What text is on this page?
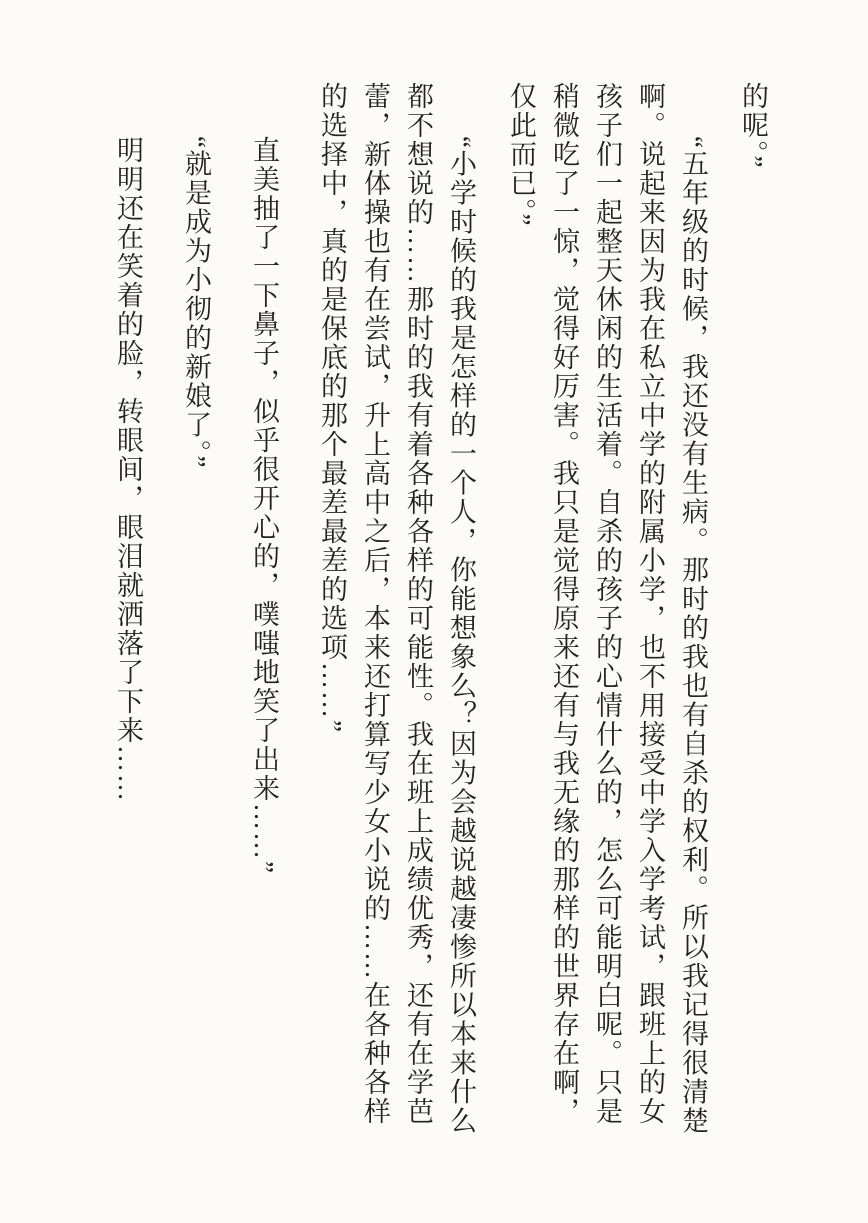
的呢。”

“五年级的时候，我还没有生病。那时的我也有自杀的权利。所以我记得很清楚啊。说起来因为我在私立中学的附属小学，也不用接受中学入学考试，跟班上的女孩子们一起整天休闲的生活着。自杀的孩子的心情什么的，怎么可能明白呢。只是稍微吃了一惊，觉得好厉害。我只是觉得原来还有与我无缘的那样的世界存在啊，仅此而已。”

“小学时候的我是怎样的一个人，你能想象么？因为会越说越凄惨所以本来什么都不想说的……那时的我有着各种各样的可能性。我在班上成绩优秀，还有在学芭蕾，新体操也有在尝试，升上高中之后，本来还打算写少女小说的……在各种各样的选择中，真的是保底的那个最差最差的选项……”

直美抽了一下鼻子，似乎很开心的，噗嗤地笑了出来……”

“就是成为小彻的新娘了。”

明明还在笑着的脸，转眼间，眼泪就洒落了下来……
